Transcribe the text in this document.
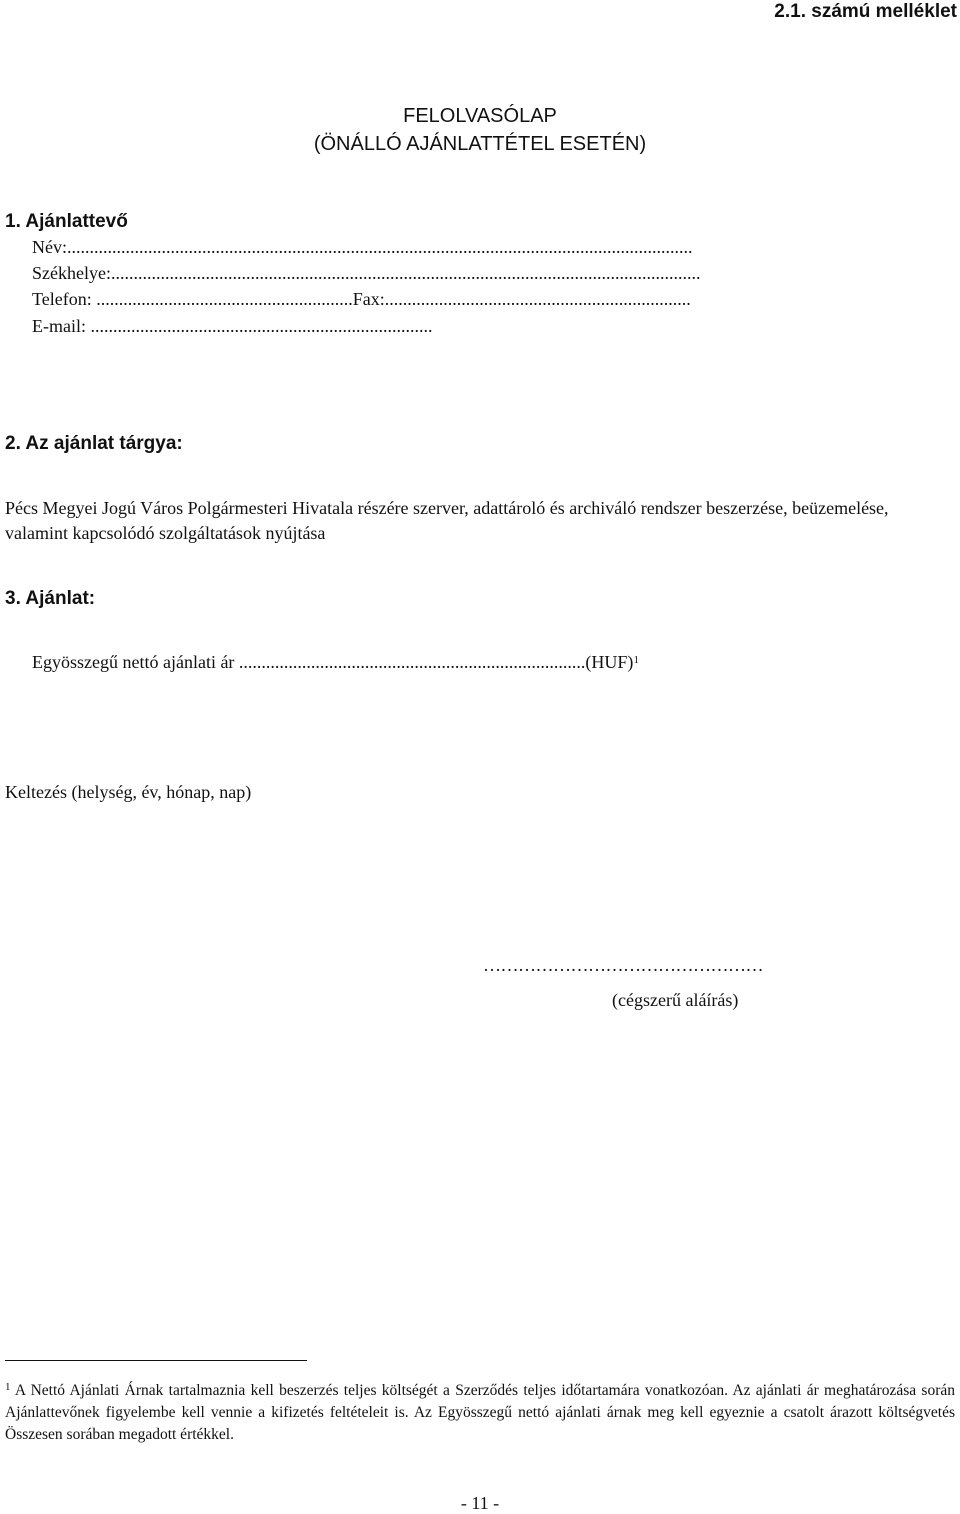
2.1. számú melléklet
FELOLVASÓLAP
(ÖNÁLLÓ AJÁNLATTÉTEL ESETÉN)
1. Ajánlattevő
Név:...........................................................................................................................................
Székhelye:...................................................................................................................................
Telefon: .........................................................Fax:....................................................................
E-mail: ............................................................................
2. Az ajánlat tárgya:
Pécs Megyei Jogú Város Polgármesteri Hivatala részére szerver, adattároló és archiváló rendszer beszerzése, beüzemelése, valamint kapcsolódó szolgáltatások nyújtása
3. Ajánlat:
Egyösszegű nettó ajánlati ár .............................................................................(HUF)$^1$
Keltezés (helység, év, hónap, nap)
…………………………………………
(cégszerű aláírás)

$^1$ A Nettó Ajánlati Árnak tartalmaznia kell beszerzés teljes költségét a Szerződés teljes időtartamára vonatkozóan. Az ajánlati ár meghatározása során Ajánlattevőnek figyelembe kell vennie a kifizetés feltételeit is. Az Egyösszegű nettó ajánlati árnak meg kell egyeznie a csatolt árazott költségvetés Összesen sorában megadott értékkel.

- 11 -
